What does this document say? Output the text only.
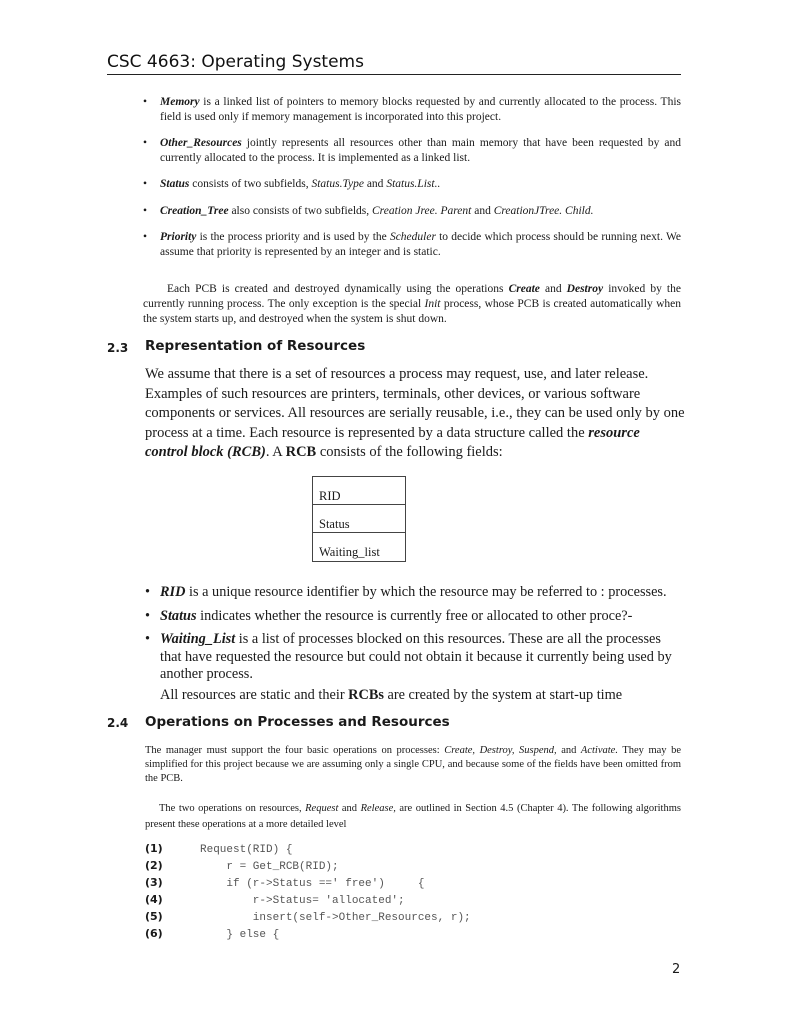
CSC 4663: Operating Systems
• Memory is a linked list of pointers to memory blocks requested by and currently allocated to the process. This field is used only if memory management is incorporated into this project.
• Other_Resources jointly represents all resources other than main memory that have been requested by and currently allocated to the process. It is implemented as a linked list.
• Status consists of two subfields, Status.Type and Status.List..
• Creation_Tree also consists of two subfields, Creation Jree. Parent and CreationJTree. Child.
• Priority is the process priority and is used by the Scheduler to decide which process should be running next. We assume that priority is represented by an integer and is static.
Each PCB is created and destroyed dynamically using the operations Create and Destroy invoked by the currently running process. The only exception is the special Init process, whose PCB is created automatically when the system starts up, and destroyed when the system is shut down.
2.3 Representation of Resources
We assume that there is a set of resources a process may request, use, and later release. Examples of such resources are printers, terminals, other devices, or various software components or services. All resources are serially reusable, i.e., they can be used only by one process at a time. Each resource is represented by a data structure called the resource control block (RCB). A RCB consists of the following fields:
RID
Status
Waiting_list
• RID is a unique resource identifier by which the resource may be referred to : processes.
• Status indicates whether the resource is currently free or allocated to other proce?-
• Waiting_List is a list of processes blocked on this resources. These are all the processes that have requested the resource but could not obtain it because it currently being used by another process.
All resources are static and their RCBs are created by the system at start-up time
2.4 Operations on Processes and Resources
The manager must support the four basic operations on processes: Create, Destroy, Suspend, and Activate. They may be simplified for this project because we are assuming only a single CPU, and because some of the fields have been omitted from the PCB.
The two operations on resources, Request and Release, are outlined in Section 4.5 (Chapter 4). The following algorithms present these operations at a more detailed level
(1)	Request(RID) {
(2)	r = Get_RCB(RID);
(3)	if (r->Status ==' free')     {
(4)	r->Status= 'allocated';
(5)	insert(self->Other_Resources, r);
(6)	} else {
2
